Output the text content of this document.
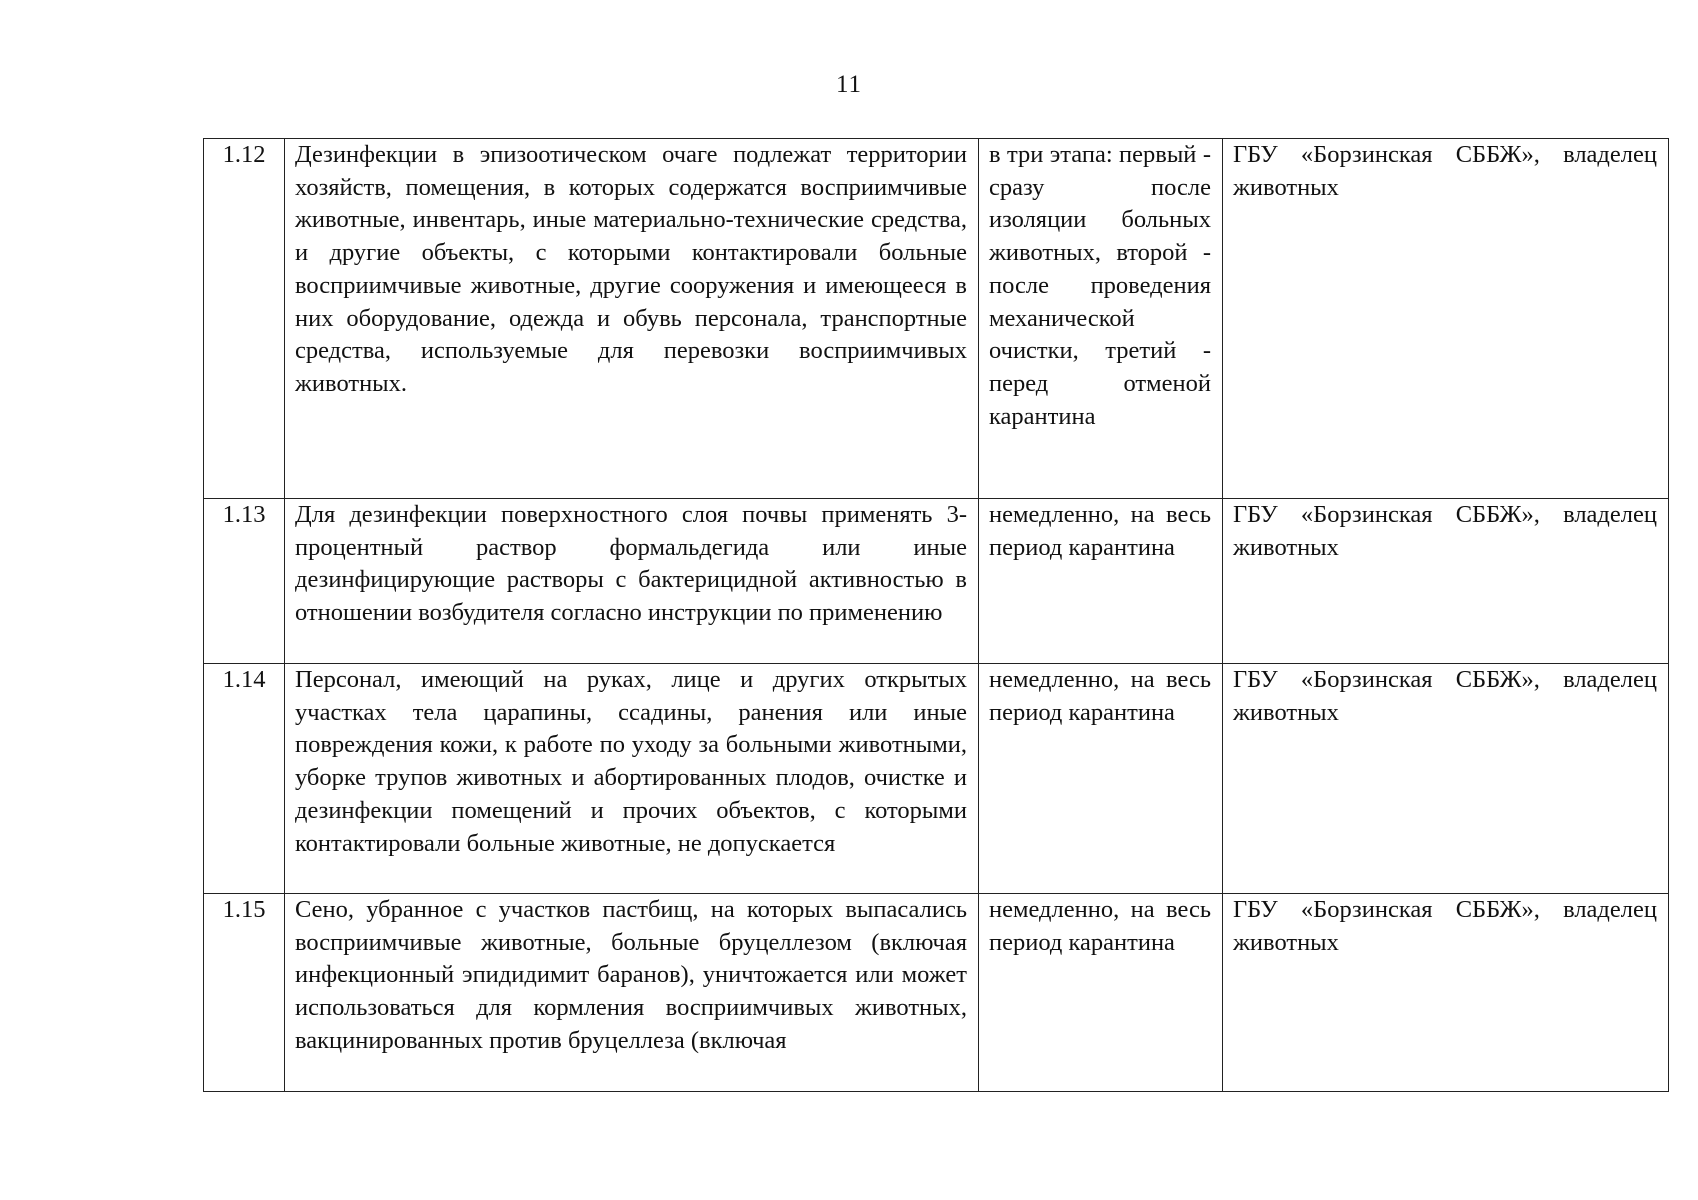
11
1.12	Дезинфекции в эпизоотическом очаге подлежат территории хозяйств, помещения, в которых содержатся восприимчивые животные, инвентарь, иные материально-технические средства, и другие объекты, с которыми контактировали больные восприимчивые животные, другие сооружения и имеющееся в них оборудование, одежда и обувь персонала, транспортные средства, используемые для перевозки восприимчивых животных.	в три этапа: первый - сразу после изоляции больных животных, второй - после проведения механической очистки, третий - перед отменой карантина	ГБУ «Борзинская СББЖ», владелец животных
1.13	Для дезинфекции поверхностного слоя почвы применять 3-процентный раствор формальдегида или иные дезинфицирующие растворы с бактерицидной активностью в отношении возбудителя согласно инструкции по применению	немедленно, на весь период карантина	ГБУ «Борзинская СББЖ», владелец животных
1.14	Персонал, имеющий на руках, лице и других открытых участках тела царапины, ссадины, ранения или иные повреждения кожи, к работе по уходу за больными животными, уборке трупов животных и абортированных плодов, очистке и дезинфекции помещений и прочих объектов, с которыми контактировали больные животные, не допускается	немедленно, на весь период карантина	ГБУ «Борзинская СББЖ», владелец животных
1.15	Сено, убранное с участков пастбищ, на которых выпасались восприимчивые животные, больные бруцеллезом (включая инфекционный эпидидимит баранов), уничтожается или может использоваться для кормления восприимчивых животных, вакцинированных против бруцеллеза (включая	немедленно, на весь период карантина	ГБУ «Борзинская СББЖ», владелец животных
